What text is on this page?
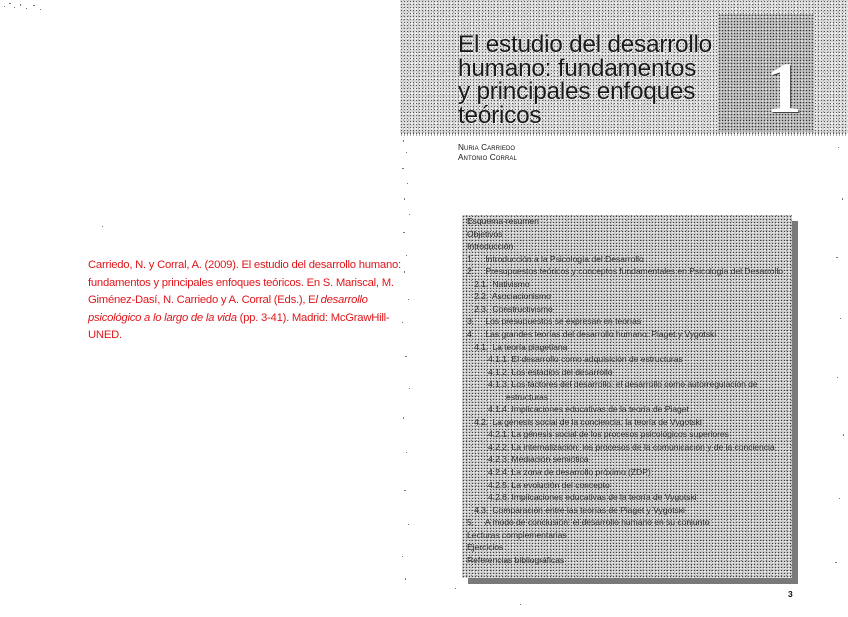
Carriedo, N. y Corral, A. (2009). El estudio del desarrollo humano: fundamentos y principales enfoques teóricos. En S. Mariscal, M. Giménez-Dasí, N. Carriedo y A. Corral (Eds.), El desarrollo psicológico a lo largo de la vida (pp. 3-41). Madrid: McGrawHill-UNED.

El estudio del desarrollo
humano: fundamentos
y principales enfoques
teóricos	1
Nuria Carriedo
Antonio Corral
Esquema-resumen
Objetivos
Introducción
1. Introducción a la Psicología del Desarrollo
2. Presupuestos teóricos y conceptos fundamentales en Psicología del Desarrollo
2.1. Nativismo
2.2. Asociacionismo
2.3. Constructivismo
3. Los presupuestos se expresan en teorías
4. Las grandes teorías del desarrollo humano: Piaget y Vygotski
4.1. La teoría piagetiana
4.1.1. El desarrollo como adquisición de estructuras
4.1.2. Los estadios del desarrollo
4.1.3. Los factores del desarrollo: el desarrollo como autorregulación de
estructuras
4.1.4. Implicaciones educativas de la teoría de Piaget
4.2. La génesis social de la conciencia: la teoría de Vygotski
4.2.1. La génesis social de los procesos psicológicos superiores
4.2.2. La internalización: los procesos de la comunicación y de la conciencia
4.2.3. Mediación semiótica
4.2.4. La zona de desarrollo próximo (ZDP)
4.2.5. La evolución del concepto
4.2.6. Implicaciones educativas de la teoría de Vygotski
4.3. Comparación entre las teorías de Piaget y Vygotski
5. A modo de conclusión: el desarrollo humano en su conjunto
Lecturas complementarias
Ejercicios
Referencias bibliográficas
3
